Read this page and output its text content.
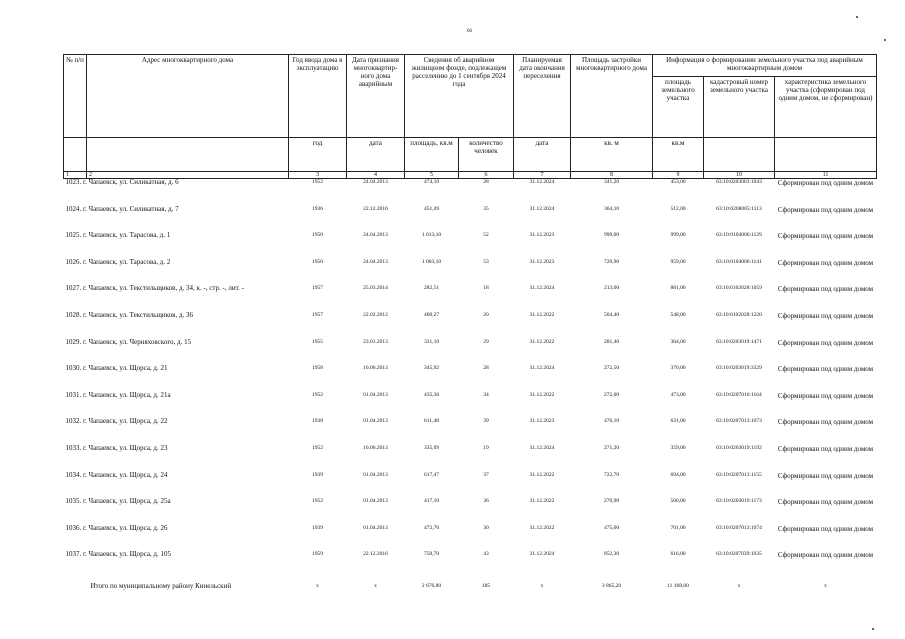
66
№ п/п	Адрес многоквартирного дома	Год ввода дома в эксплуатацию	Дата признания многоквартир-ного дома аварийным	Сведения об аварийном жилищном фонде, подлежащем расселению до 1 сентября 2024 года		Планируемая дата окончания переселения	Площадь застройки многоквартирного дома	Информация о формировании земельного участка под аварийным многоквартирным домом		
								площадь земельного участка	кадастровый номер земельного участка	характеристика земельного участка (сформирован под одним домом, не сформирован)
		год	дата	площадь, кв.м	количество человек	дата	кв. м	кв.м		
1	2	3	4	5	6	7	8	9	10	11
1023. г. Чапаевск, ул. Силикатная, д. 6		1952	24.04.2013	474,10	28	31.12.2024	341,20	453,00	63:10:0203003:1043	Сформирован под одним домом
1024. г. Чапаевск, ул. Силикатная, д. 7		1936	22.12.2016	451,49	35	31.12.2024	364,10	512,00	63:10:0208005:1113	Сформирован под одним домом
1025. г. Чапаевск, ул. Тарасова, д. 1		1950	24.04.2013	1 013,10	52	31.12.2023	999,00	999,00	63:10:0104006:1129	Сформирован под одним домом
1026. г. Чапаевск, ул. Тарасова, д. 2		1950	24.04.2013	1 003,10	53	31.12.2023	720,90	959,00	63:10:0104006:1141	Сформирован под одним домом
1027. г. Чапаевск, ул. Текстильщиков, д. 34, к. -, стр. -, лит. -		1957	25.03.2014	282,51	18	31.12.2024	213,00	881,00	63:10:0102028:1059	Сформирован под одним домом
1028. г. Чапаевск, ул. Текстильщиков, д. 36		1957	22.02.2012	400,27	20	31.12.2022	504,40	548,00	63:10:0102028:1220	Сформирован под одним домом
1029. г. Чапаевск, ул. Черняховского, д. 15		1955	23.01.2013	331,10	29	31.12.2022	281,40	364,00	63:10:0203019:1471	Сформирован под одним домом
1030. г. Чапаевск, ул. Щорса, д. 21		1958	10.06.2013	345,92	28	31.12.2024	272,50	370,00	63:10:0203019:3329	Сформирован под одним домом
1031. г. Чапаевск, ул. Щорса, д. 21а		1952	01.04.2013	435,30	34	31.12.2022	272,00	473,00	63:10:0207016:1164	Сформирован под одним домом
1032. г. Чапаевск, ул. Щорса, д. 22		1938	01.04.2013	611,48	39	31.12.2023	476,10	631,00	63:10:0207013:1073	Сформирован под одним домом
1033. г. Чапаевск, ул. Щорса, д. 23		1952	10.06.2013	335,09	19	31.12.2024	271,20	359,00	63:10:0203019:1192	Сформирован под одним домом
1034. г. Чапаевск, ул. Щорса, д. 24		1939	01.04.2013	617,47	37	31.12.2022	722,70	694,00	63:10:0207013:1155	Сформирован под одним домом
1035. г. Чапаевск, ул. Щорса, д. 25а		1952	01.04.2013	417,10	36	31.12.2022	270,90	500,00	63:10:0203019:1173	Сформирован под одним домом
1036. г. Чапаевск, ул. Щорса, д. 26		1939	01.04.2013	472,70	30	31.12.2022	475,00	701,00	63:10:0207013:1074	Сформирован под одним домом
1037. г. Чапаевск, ул. Щорса, д. 105		1959	22.12.2016	750,70	43	31.12.2024	852,30	616,00	63:10:0207039:1035	Сформирован под одним домом
Итого по муниципальному району Кинельский		x	x	2 676,80	185	x	3 865,20	11 168,00	x	x
